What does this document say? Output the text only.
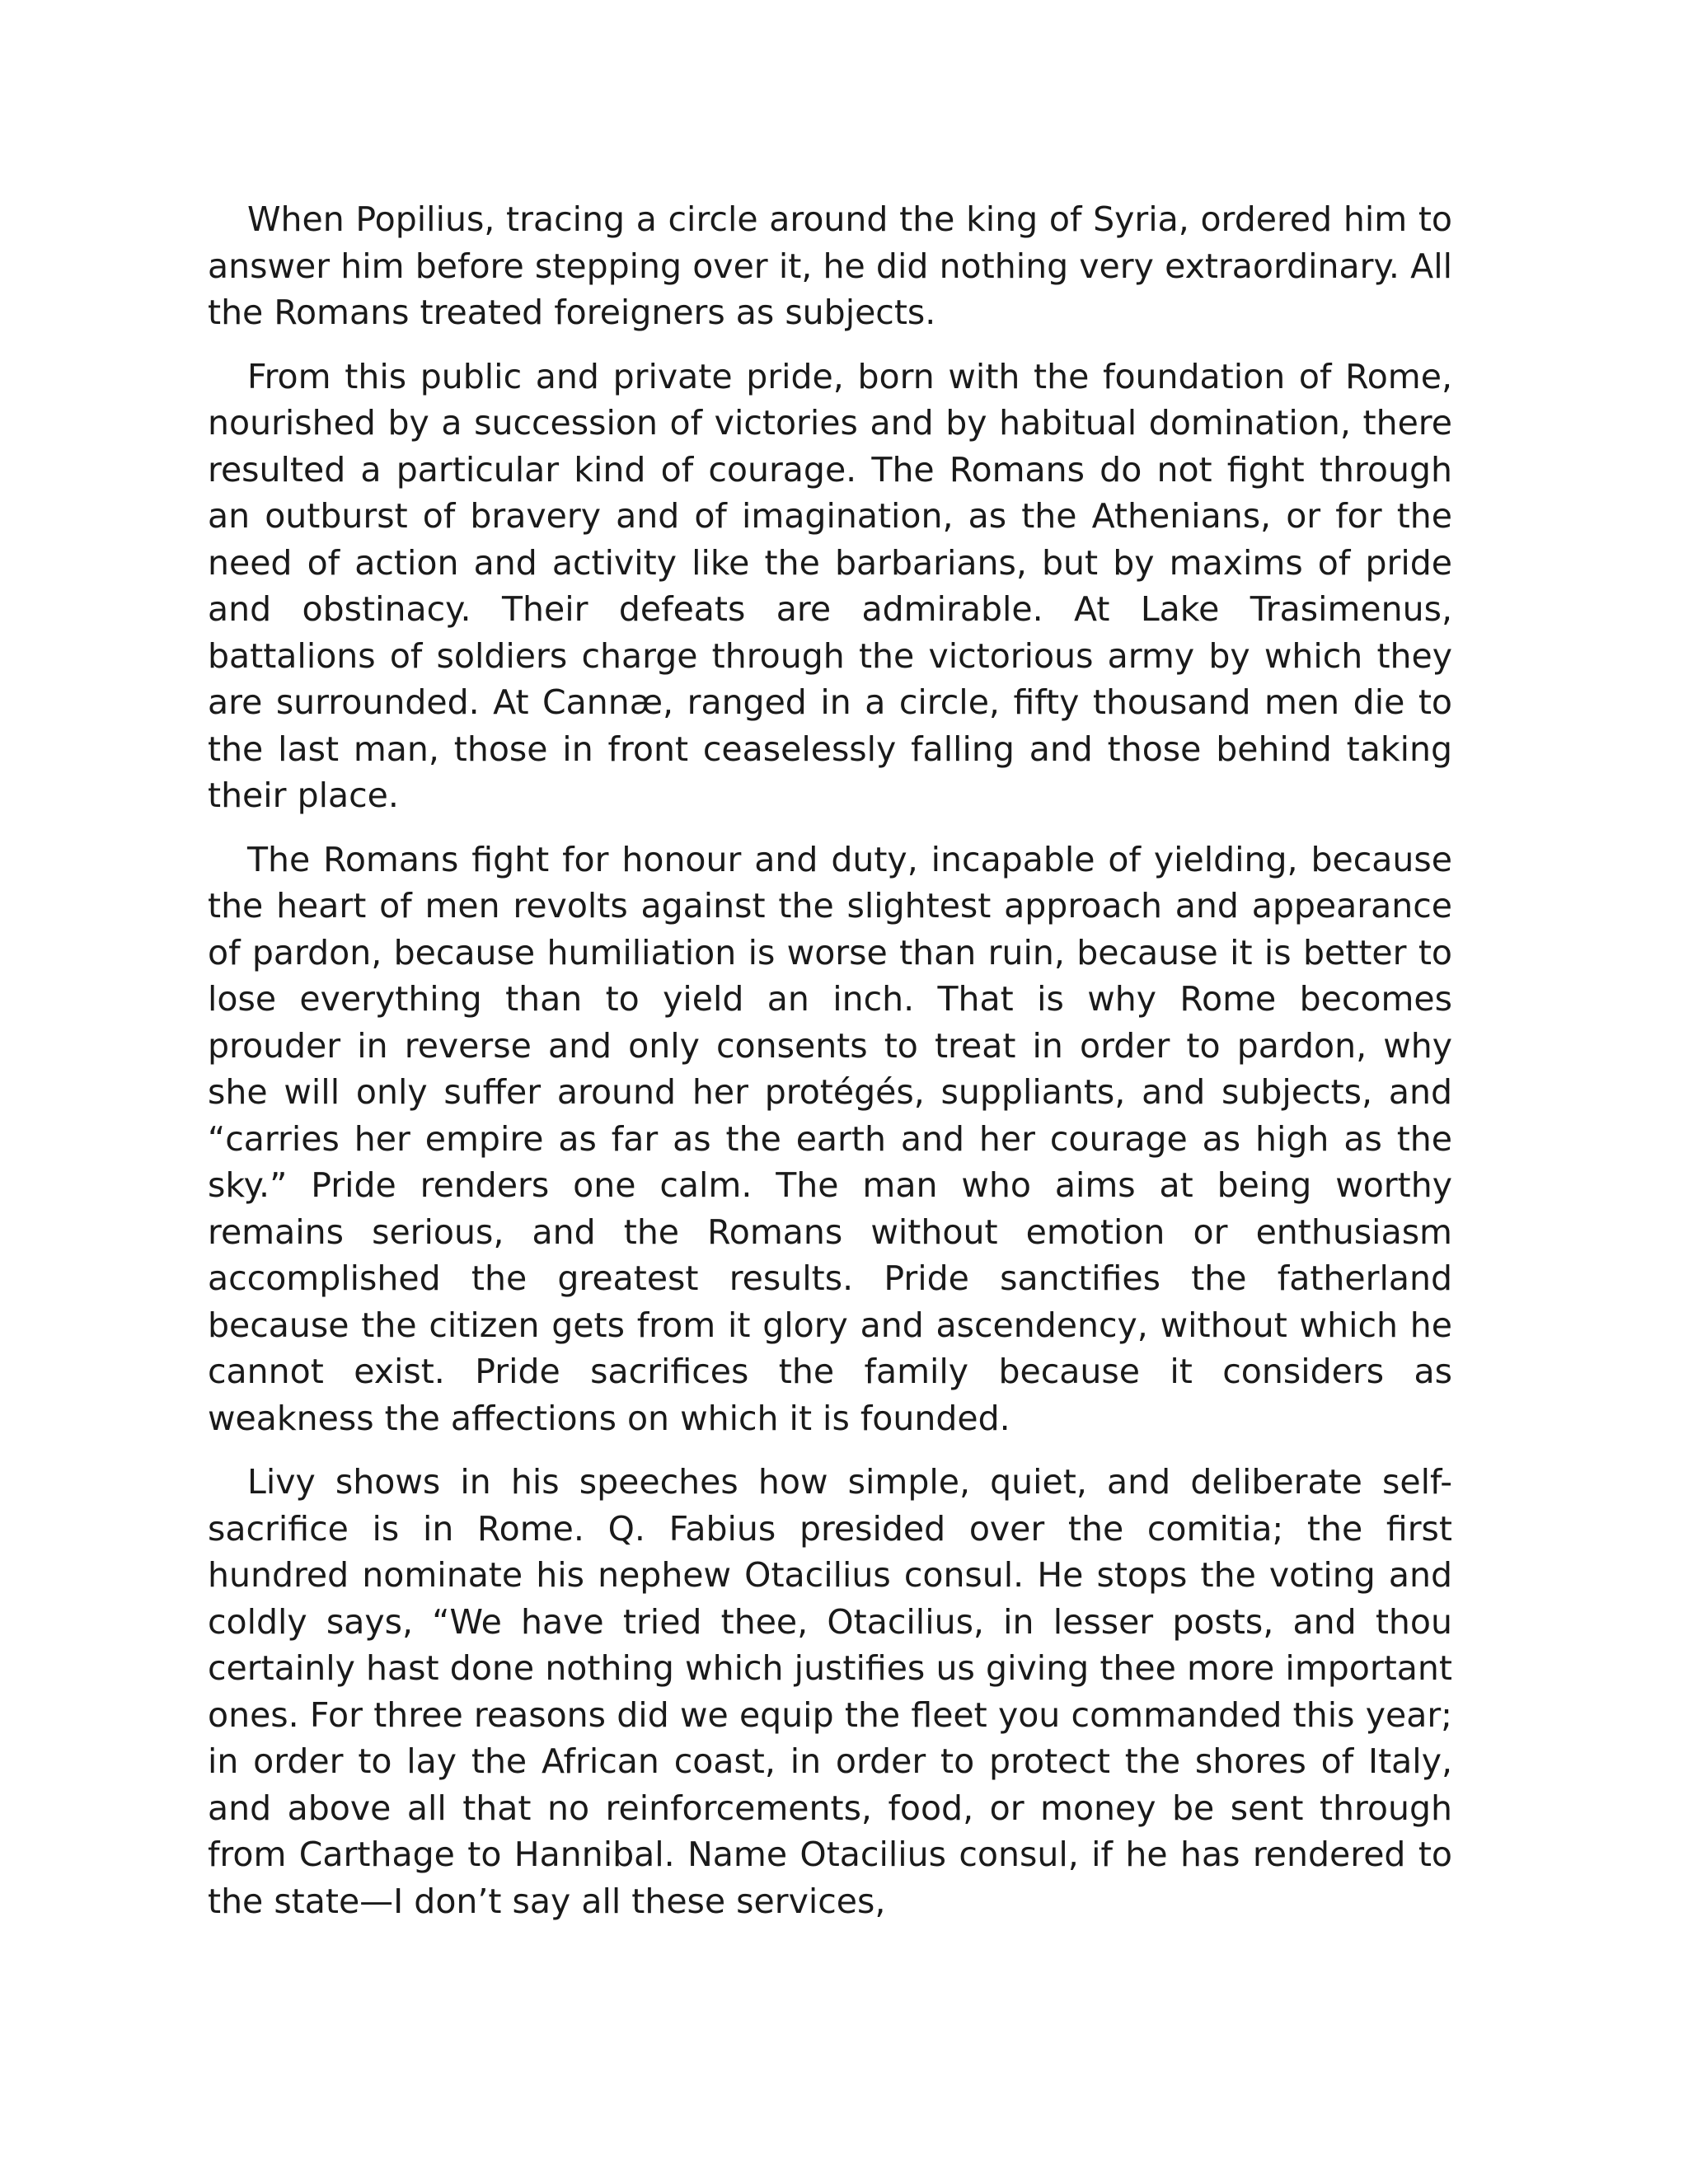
When Popilius, tracing a circle around the king of Syria, ordered him to answer him before stepping over it, he did nothing very extraordinary. All the Romans treated foreigners as subjects.

From this public and private pride, born with the foundation of Rome, nourished by a succession of victories and by habitual domination, there resulted a particular kind of courage. The Romans do not fight through an outburst of bravery and of imagination, as the Athenians, or for the need of action and activity like the barbarians, but by maxims of pride and obstinacy. Their defeats are admirable. At Lake Trasimenus, battalions of soldiers charge through the victorious army by which they are surrounded. At Cannæ, ranged in a circle, fifty thousand men die to the last man, those in front ceaselessly falling and those behind taking their place.

The Romans fight for honour and duty, incapable of yielding, because the heart of men revolts against the slightest approach and appearance of pardon, because humiliation is worse than ruin, because it is better to lose everything than to yield an inch. That is why Rome becomes prouder in reverse and only consents to treat in order to pardon, why she will only suffer around her protégés, suppliants, and subjects, and “carries her empire as far as the earth and her courage as high as the sky.” Pride renders one calm. The man who aims at being worthy remains serious, and the Romans without emotion or enthusiasm accomplished the greatest results. Pride sanctifies the fatherland because the citizen gets from it glory and ascendency, without which he cannot exist. Pride sacrifices the family because it considers as weakness the affections on which it is founded.

Livy shows in his speeches how simple, quiet, and deliberate self-sacrifice is in Rome. Q. Fabius presided over the comitia; the first hundred nominate his nephew Otacilius consul. He stops the voting and coldly says, “We have tried thee, Otacilius, in lesser posts, and thou certainly hast done nothing which justifies us giving thee more important ones. For three reasons did we equip the fleet you commanded this year; in order to lay the African coast, in order to protect the shores of Italy, and above all that no reinforcements, food, or money be sent through from Carthage to Hannibal. Name Otacilius consul, if he has rendered to the state—I don’t say all these services,
